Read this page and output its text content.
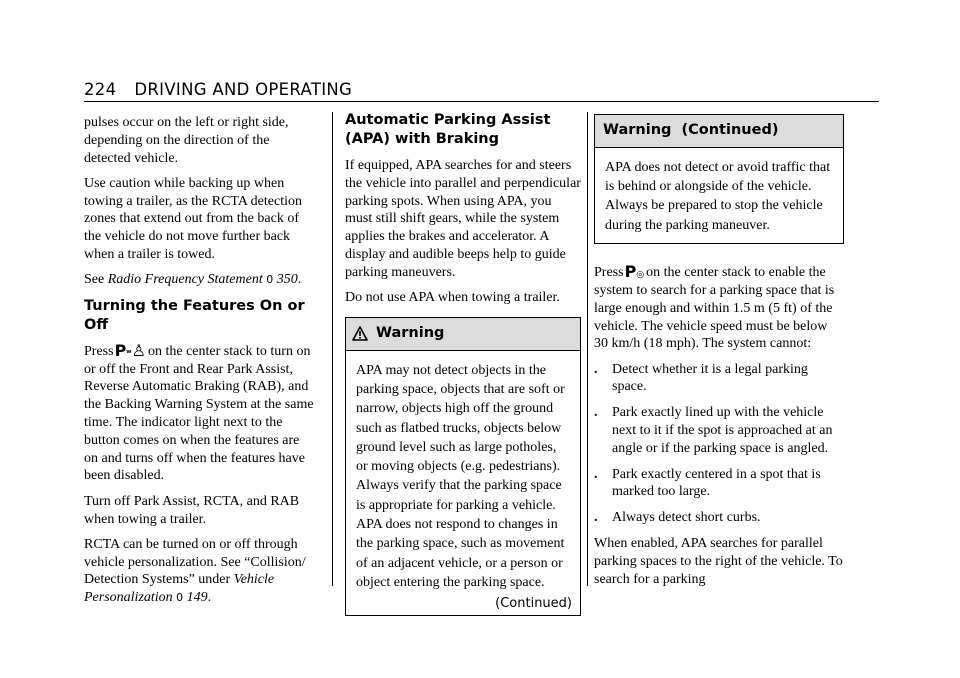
224 DRIVING AND OPERATING

pulses occur on the left or right side, depending on the direction of the detected vehicle.

Use caution while backing up when towing a trailer, as the RCTA detection zones that extend out from the back of the vehicle do not move further back when a trailer is towed.

See Radio Frequency Statement 0 350.

Turning the Features On or Off

PressPʷ♙ on the center stack to turn on or off the Front and Rear Park Assist, Reverse Automatic Braking (RAB), and the Backing Warning System at the same time. The indicator light next to the button comes on when the features are on and turns off when the features have been disabled.

Turn off Park Assist, RCTA, and RAB when towing a trailer.

RCTA can be turned on or off through vehicle personalization. See “Collision/ Detection Systems” under Vehicle Personalization 0 149.

Automatic Parking Assist (APA) with Braking

If equipped, APA searches for and steers the vehicle into parallel and perpendicular parking spots. When using APA, you must still shift gears, while the system applies the brakes and accelerator. A display and audible beeps help to guide parking maneuvers.

Do not use APA when towing a trailer.

Warning
APA may not detect objects in the parking space, objects that are soft or narrow, objects high off the ground such as flatbed trucks, objects below ground level such as large potholes, or moving objects (e.g. pedestrians). Always verify that the parking space is appropriate for parking a vehicle. APA does not respond to changes in the parking space, such as movement of an adjacent vehicle, or a person or object entering the parking space.
(Continued)
Warning  (Continued)
APA does not detect or avoid traffic that is behind or alongside of the vehicle. Always be prepared to stop the vehicle during the parking maneuver.

PressP◎ on the center stack to enable the system to search for a parking space that is large enough and within 1.5 m (5 ft) of the vehicle. The vehicle speed must be below 30 km/h (18 mph). The system cannot:

. Detect whether it is a legal parking space.
. Park exactly lined up with the vehicle next to it if the spot is approached at an angle or if the parking space is angled.
. Park exactly centered in a spot that is marked too large.
. Always detect short curbs.

When enabled, APA searches for parallel parking spaces to the right of the vehicle. To search for a parking
